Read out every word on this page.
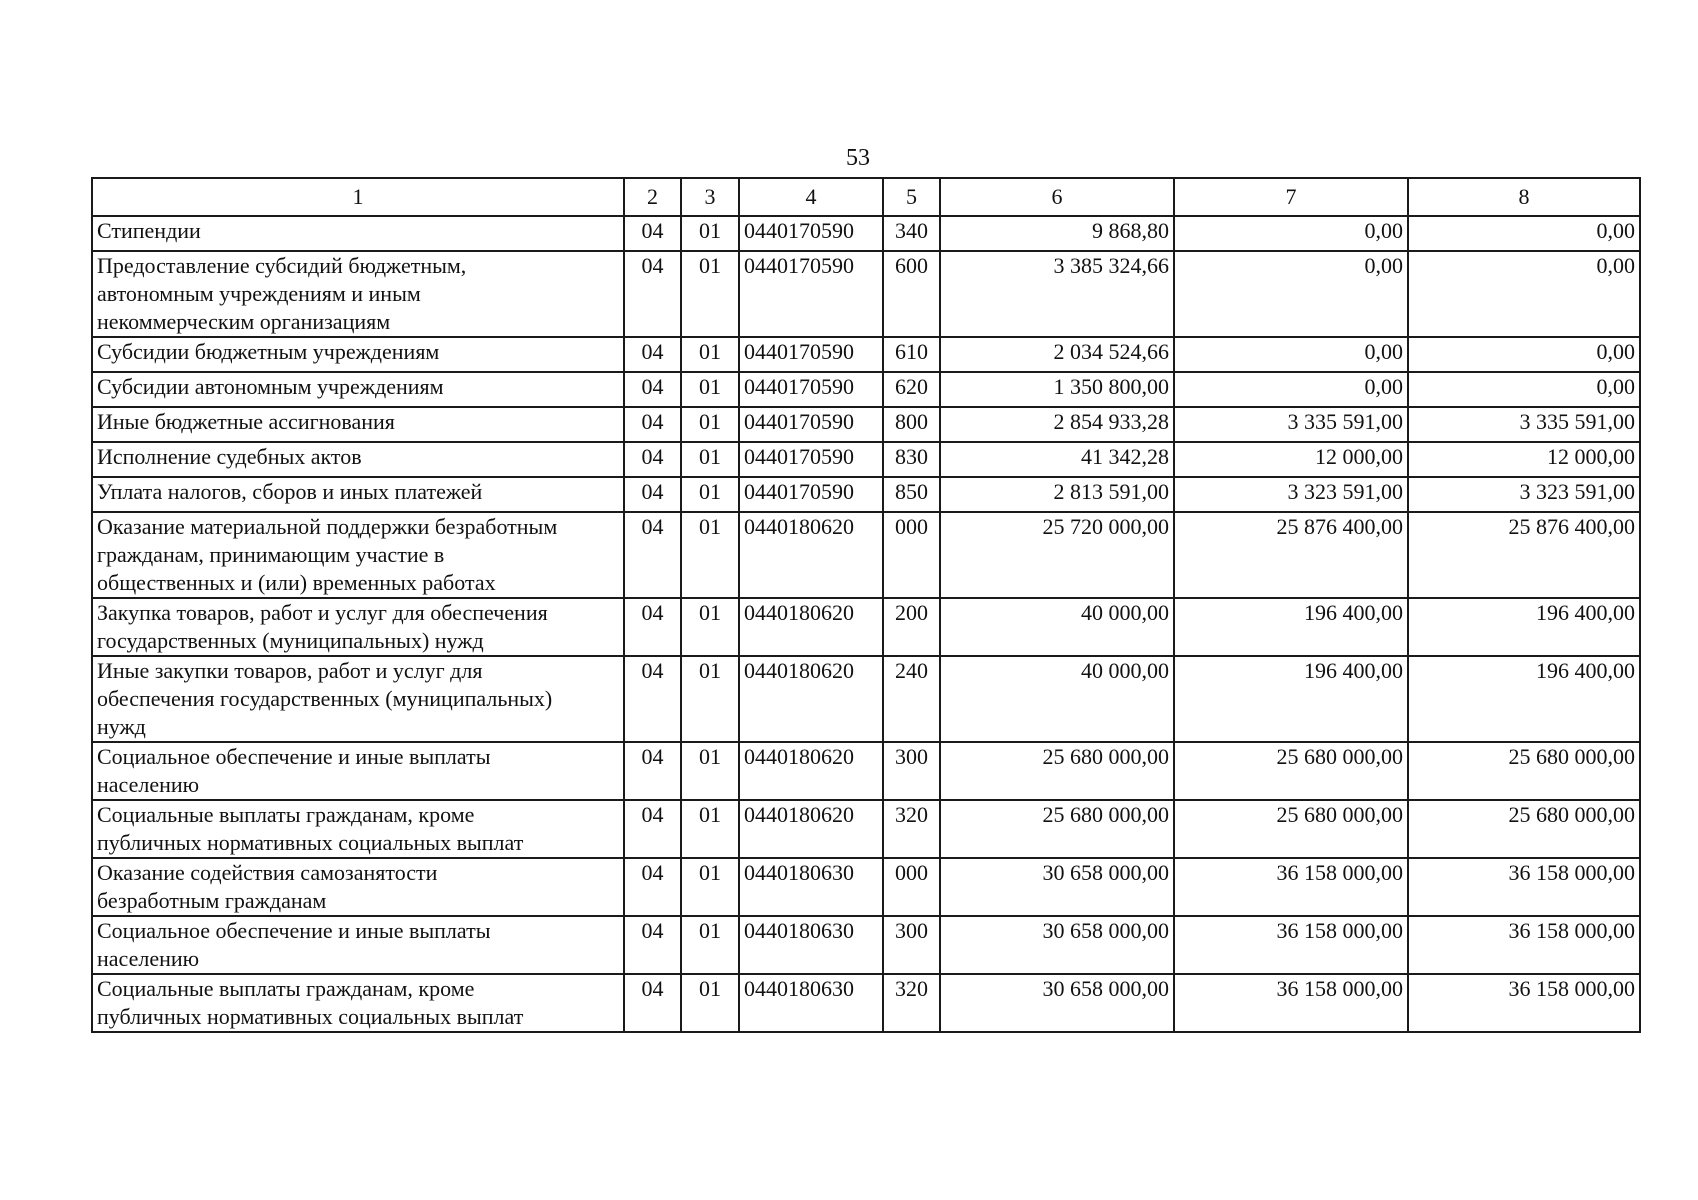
53
1	2	3	4	5	6	7	8
Стипендии	04	01	0440170590	340	9 868,80	0,00	0,00
Предоставление субсидий бюджетным,
автономным учреждениям и иным
некоммерческим организациям	04	01	0440170590	600	3 385 324,66	0,00	0,00
Субсидии бюджетным учреждениям	04	01	0440170590	610	2 034 524,66	0,00	0,00
Субсидии автономным учреждениям	04	01	0440170590	620	1 350 800,00	0,00	0,00
Иные бюджетные ассигнования	04	01	0440170590	800	2 854 933,28	3 335 591,00	3 335 591,00
Исполнение судебных актов	04	01	0440170590	830	41 342,28	12 000,00	12 000,00
Уплата налогов, сборов и иных платежей	04	01	0440170590	850	2 813 591,00	3 323 591,00	3 323 591,00
Оказание материальной поддержки безработным
гражданам, принимающим участие в
общественных и (или) временных работах	04	01	0440180620	000	25 720 000,00	25 876 400,00	25 876 400,00
Закупка товаров, работ и услуг для обеспечения
государственных (муниципальных) нужд	04	01	0440180620	200	40 000,00	196 400,00	196 400,00
Иные закупки товаров, работ и услуг для
обеспечения государственных (муниципальных)
нужд	04	01	0440180620	240	40 000,00	196 400,00	196 400,00
Социальное обеспечение и иные выплаты
населению	04	01	0440180620	300	25 680 000,00	25 680 000,00	25 680 000,00
Социальные выплаты гражданам, кроме
публичных нормативных социальных выплат	04	01	0440180620	320	25 680 000,00	25 680 000,00	25 680 000,00
Оказание содействия самозанятости
безработным гражданам	04	01	0440180630	000	30 658 000,00	36 158 000,00	36 158 000,00
Социальное обеспечение и иные выплаты
населению	04	01	0440180630	300	30 658 000,00	36 158 000,00	36 158 000,00
Социальные выплаты гражданам, кроме
публичных нормативных социальных выплат	04	01	0440180630	320	30 658 000,00	36 158 000,00	36 158 000,00
